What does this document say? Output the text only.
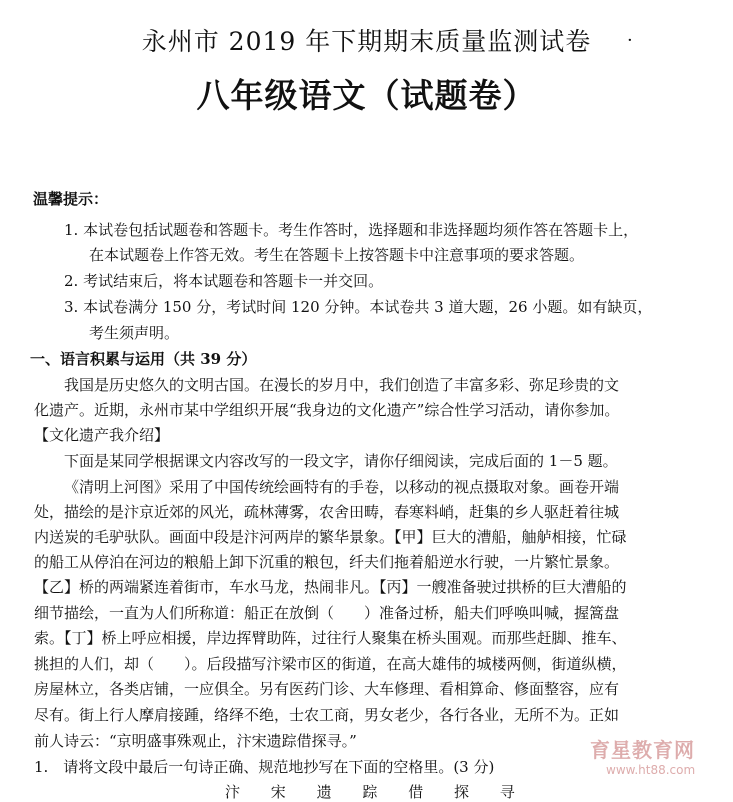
永州市 2019 年下期期末质量监测试卷	·
八年级语文（试题卷）
温馨提示：
1. 本试卷包括试题卷和答题卡。考生作答时，选择题和非选择题均须作答在答题卡上，
在本试题卷上作答无效。考生在答题卡上按答题卡中注意事项的要求答题。
2. 考试结束后，将本试题卷和答题卡一并交回。
3. 本试卷满分 150 分，考试时间 120 分钟。本试卷共 3 道大题，26 小题。如有缺页，
考生须声明。
一、语言积累与运用（共 39 分）
我国是历史悠久的文明古国。在漫长的岁月中，我们创造了丰富多彩、弥足珍贵的文
化遗产。近期，永州市某中学组织开展“我身边的文化遗产”综合性学习活动，请你参加。
【文化遗产我介绍】
下面是某同学根据课文内容改写的一段文字，请你仔细阅读，完成后面的 1－5 题。
《清明上河图》采用了中国传统绘画特有的手卷，以移动的视点摄取对象。画卷开端
处，描绘的是汴京近郊的风光，疏林薄雾，农舍田畴，春寒料峭，赶集的乡人驱赶着往城
内送炭的毛驴驮队。画面中段是汴河两岸的繁华景象。【甲】巨大的漕船，舳舻相接，忙碌
的船工从停泊在河边的粮船上卸下沉重的粮包，纤夫们拖着船逆水行驶，一片繁忙景象。
【乙】桥的两端紧连着街市，车水马龙，热闹非凡。【丙】一艘准备驶过拱桥的巨大漕船的
细节描绘，一直为人们所称道：船正在放倒（　　）准备过桥，船夫们呼唤叫喊，握篙盘
索。【丁】桥上呼应相援，岸边挥臂助阵，过往行人聚集在桥头围观。而那些赶脚、推车、
挑担的人们，却（　　）。后段描写汴梁市区的街道，在高大雄伟的城楼两侧，街道纵横，
房屋林立，各类店铺，一应俱全。另有医药门诊、大车修理、看相算命、修面整容，应有
尽有。街上行人摩肩接踵，络绎不绝，士农工商，男女老少，各行各业，无所不为。正如
前人诗云：“京明盛事殊观止，汴宋遗踪借探寻。”
1.　请将文段中最后一句诗正确、规范地抄写在下面的空格里。(3 分)
汴 宋 遗 踪 借 探 寻
育星教育网
www.ht88.com
